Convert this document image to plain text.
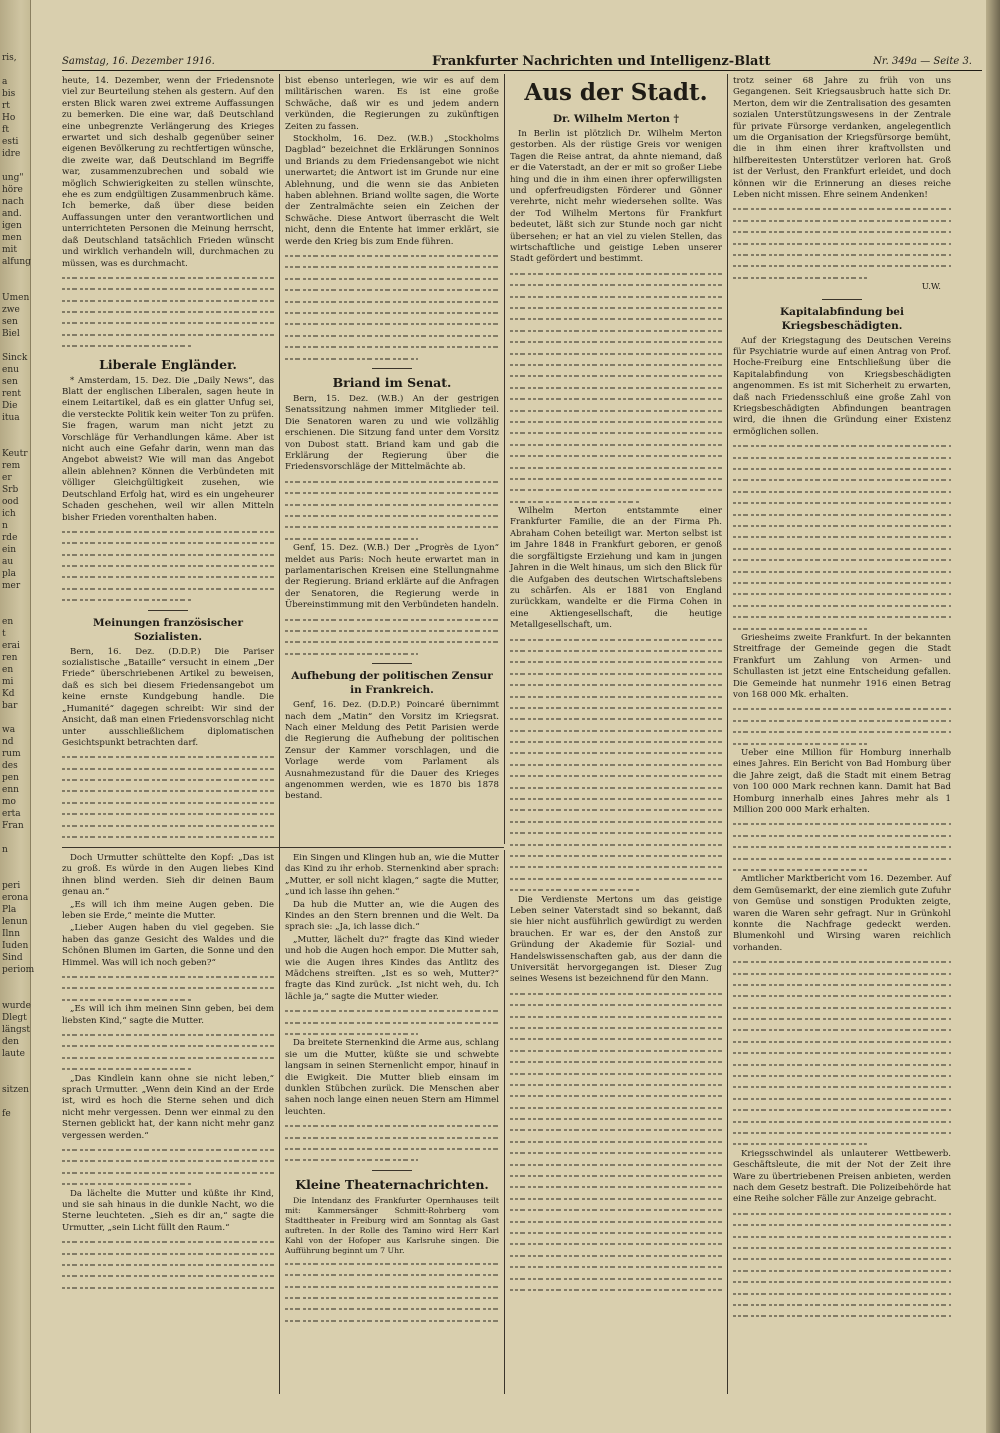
ris,

a
bis
rt
Ho
ft
esti
idre

ung"
höre
nach
and.
igen
men
mit
alfung

Umen
zwe
sen
Biel

Sinck
enu
sen
rent
Die
itua

Keutr
rem
er
Srb
ood
ich
n
rde
ein
au
pla
mer

en
t
erai
ren
en
mi
Kd
bar

wa
nd
rum
des
pen
enn
mo
erta
Fran

n

peri
erona
Pla
lenun
Ilnn
Iuden
Sind
periom

wurde
Dlegt
längst
den
laute

sitzen

fe
Samstag, 16. Dezember 1916.	Frankfurter Nachrichten und Intelligenz-Blatt	Nr. 349a — Seite 3.

heute, 14. Dezember, wenn der Friedensnote viel zur Beurteilung stehen als gestern. Auf den ersten Blick waren zwei extreme Auffassungen zu bemerken. Die eine war, daß Deutschland eine unbegrenzte Verlängerung des Krieges erwartet und sich deshalb gegenüber seiner eigenen Bevölkerung zu rechtfertigen wünsche, die zweite war, daß Deutschland im Begriffe war, zusammenzubrechen und sobald wie möglich Schwierigkeiten zu stellen wünschte, ehe es zum endgültigen Zusammenbruch käme. Ich bemerke, daß über diese beiden Auffassungen unter den verantwortlichen und unterrichteten Personen die Meinung herrscht, daß Deutschland tatsächlich Frieden wünscht und wirklich verhandeln will, durchmachen zu müssen, was es durchmacht.

Liberale Engländer.

* Amsterdam, 15. Dez. Die „Daily News“, das Blatt der englischen Liberalen, sagen heute in einem Leitartikel, daß es ein glatter Unfug sei, die versteckte Politik kein weiter Ton zu prüfen. Sie fragen, warum man nicht jetzt zu Vorschläge für Verhandlungen käme. Aber ist nicht auch eine Gefahr darin, wenn man das Angebot abweist? Wie will man das Angebot allein ablehnen? Können die Verbündeten mit völliger Gleichgültigkeit zusehen, wie Deutschland Erfolg hat, wird es ein ungeheurer Schaden geschehen, weil wir allen Mitteln bisher Frieden vorenthalten haben.

Meinungen französischer Sozialisten.

Bern, 16. Dez. (D.D.P.) Die Pariser sozialistische „Bataille“ versucht in einem „Der Friede“ überschriebenen Artikel zu beweisen, daß es sich bei diesem Friedensangebot um keine ernste Kundgebung handle. Die „Humanité“ dagegen schreibt: Wir sind der Ansicht, daß man einen Friedensvorschlag nicht unter ausschließlichem diplomatischen Gesichtspunkt betrachten darf.

bist ebenso unterlegen, wie wir es auf dem militärischen waren. Es ist eine große Schwäche, daß wir es und jedem andern verkünden, die Regierungen zu zukünftigen Zeiten zu fassen.

Stockholm, 16. Dez. (W.B.) „Stockholms Dagblad“ bezeichnet die Erklärungen Sonninos und Briands zu dem Friedensangebot wie nicht unerwartet; die Antwort ist im Grunde nur eine Ablehnung, und die wenn sie das Anbieten haben ablehnen. Briand wollte sagen, die Worte der Zentralmächte seien ein Zeichen der Schwäche. Diese Antwort überrascht die Welt nicht, denn die Entente hat immer erklärt, sie werde den Krieg bis zum Ende führen.

Briand im Senat.

Bern, 15. Dez. (W.B.) An der gestrigen Senatssitzung nahmen immer Mitglieder teil. Die Senatoren waren zu und wie vollzählig erschienen. Die Sitzung fand unter dem Vorsitz von Dubost statt. Briand kam und gab die Erklärung der Regierung über die Friedensvorschläge der Mittelmächte ab.

Genf, 15. Dez. (W.B.) Der „Progrès de Lyon“ meldet aus Paris: Noch heute erwartet man in parlamentarischen Kreisen eine Stellungnahme der Regierung. Briand erklärte auf die Anfragen der Senatoren, die Regierung werde in Übereinstimmung mit den Verbündeten handeln.

Aufhebung der politischen Zensur in Frankreich.

Genf, 16. Dez. (D.D.P.) Poincaré übernimmt nach dem „Matin“ den Vorsitz im Kriegsrat. Nach einer Meldung des Petit Parisien werde die Regierung die Aufhebung der politischen Zensur der Kammer vorschlagen, und die Vorlage werde vom Parlament als Ausnahmezustand für die Dauer des Krieges angenommen werden, wie es 1870 bis 1878 bestand.

Aus der Stadt.
Dr. Wilhelm Merton †

In Berlin ist plötzlich Dr. Wilhelm Merton gestorben. Als der rüstige Greis vor wenigen Tagen die Reise antrat, da ahnte niemand, daß er die Vaterstadt, an der er mit so großer Liebe hing und die in ihm einen ihrer opferwilligsten und opferfreudigsten Förderer und Gönner verehrte, nicht mehr wiedersehen sollte. Was der Tod Wilhelm Mertons für Frankfurt bedeutet, läßt sich zur Stunde noch gar nicht übersehen; er hat an viel zu vielen Stellen, das wirtschaftliche und geistige Leben unserer Stadt gefördert und bestimmt.

Wilhelm Merton entstammte einer Frankfurter Familie, die an der Firma Ph. Abraham Cohen beteiligt war. Merton selbst ist im Jahre 1848 in Frankfurt geboren, er genoß die sorgfältigste Erziehung und kam in jungen Jahren in die Welt hinaus, um sich den Blick für die Aufgaben des deutschen Wirtschaftslebens zu schärfen. Als er 1881 von England zurückkam, wandelte er die Firma Cohen in eine Aktiengesellschaft, die heutige Metallgesellschaft, um.

Die Verdienste Mertons um das geistige Leben seiner Vaterstadt sind so bekannt, daß sie hier nicht ausführlich gewürdigt zu werden brauchen. Er war es, der den Anstoß zur Gründung der Akademie für Sozial- und Handelswissenschaften gab, aus der dann die Universität hervorgegangen ist. Dieser Zug seines Wesens ist bezeichnend für den Mann.

trotz seiner 68 Jahre zu früh von uns Gegangenen. Seit Kriegsausbruch hatte sich Dr. Merton, dem wir die Zentralisation des gesamten sozialen Unterstützungswesens in der Zentrale für private Fürsorge verdanken, angelegentlich um die Organisation der Kriegsfürsorge bemüht, die in ihm einen ihrer kraftvollsten und hilfbereitesten Unterstützer verloren hat. Groß ist der Verlust, den Frankfurt erleidet, und doch können wir die Erinnerung an dieses reiche Leben nicht missen. Ehre seinem Andenken!

U.W.
Kapitalabfindung bei Kriegsbeschädigten.

Auf der Kriegstagung des Deutschen Vereins für Psychiatrie wurde auf einen Antrag von Prof. Hoche-Freiburg eine Entschließung über die Kapitalabfindung von Kriegsbeschädigten angenommen. Es ist mit Sicherheit zu erwarten, daß nach Friedensschluß eine große Zahl von Kriegsbeschädigten Abfindungen beantragen wird, die ihnen die Gründung einer Existenz ermöglichen sollen.

Griesheims zweite Frankfurt. In der bekannten Streitfrage der Gemeinde gegen die Stadt Frankfurt um Zahlung von Armen- und Schullasten ist jetzt eine Entscheidung gefallen. Die Gemeinde hat nunmehr 1916 einen Betrag von 168 000 Mk. erhalten.

Ueber eine Million für Homburg innerhalb eines Jahres. Ein Bericht von Bad Homburg über die Jahre zeigt, daß die Stadt mit einem Betrag von 100 000 Mark rechnen kann. Damit hat Bad Homburg innerhalb eines Jahres mehr als 1 Million 200 000 Mark erhalten.

Amtlicher Marktbericht vom 16. Dezember. Auf dem Gemüsemarkt, der eine ziemlich gute Zufuhr von Gemüse und sonstigen Produkten zeigte, waren die Waren sehr gefragt. Nur in Grünkohl konnte die Nachfrage gedeckt werden. Blumenkohl und Wirsing waren reichlich vorhanden.

Kriegsschwindel als unlauterer Wettbewerb. Geschäftsleute, die mit der Not der Zeit ihre Ware zu übertriebenen Preisen anbieten, werden nach dem Gesetz bestraft. Die Polizeibehörde hat eine Reihe solcher Fälle zur Anzeige gebracht.

Doch Urmutter schüttelte den Kopf: „Das ist zu groß. Es würde in den Augen liebes Kind ihnen blind werden. Sieh dir deinen Baum genau an.“

„Es will ich ihm meine Augen geben. Die leben sie Erde,“ meinte die Mutter.

„Lieber Augen haben du viel gegeben. Sie haben das ganze Gesicht des Waldes und die Schönen Blumen im Garten, die Sonne und den Himmel. Was will ich noch geben?“

„Es will ich ihm meinen Sinn geben, bei dem liebsten Kind,“ sagte die Mutter.

„Das Kindlein kann ohne sie nicht leben,“ sprach Urmutter. „Wenn dein Kind an der Erde ist, wird es hoch die Sterne sehen und dich nicht mehr vergessen. Denn wer einmal zu den Sternen geblickt hat, der kann nicht mehr ganz vergessen werden.“

Da lächelte die Mutter und küßte ihr Kind, und sie sah hinaus in die dunkle Nacht, wo die Sterne leuchteten. „Sieh es dir an,“ sagte die Urmutter, „sein Licht füllt den Raum.“

Ein Singen und Klingen hub an, wie die Mutter das Kind zu ihr erhob. Sternenkind aber sprach: „Mutter, er soll nicht klagen,“ sagte die Mutter, „und ich lasse ihn gehen.“

Da hub die Mutter an, wie die Augen des Kindes an den Stern brennen und die Welt. Da sprach sie: „Ja, ich lasse dich.“

„Mutter, lächelt du?“ fragte das Kind wieder und hob die Augen hoch empor. Die Mutter sah, wie die Augen ihres Kindes das Antlitz des Mädchens streiften. „Ist es so weh, Mutter?“ fragte das Kind zurück. „Ist nicht weh, du. Ich lächle ja,“ sagte die Mutter wieder.

Da breitete Sternenkind die Arme aus, schlang sie um die Mutter, küßte sie und schwebte langsam in seinen Sternenlicht empor, hinauf in die Ewigkeit. Die Mutter blieb einsam im dunklen Stübchen zurück. Die Menschen aber sahen noch lange einen neuen Stern am Himmel leuchten.

Kleine Theaternachrichten.

Die Intendanz des Frankfurter Opernhauses teilt mit: Kammersänger Schmitt-Rohrberg vom Stadttheater in Freiburg wird am Sonntag als Gast auftreten. In der Rolle des Tamino wird Herr Karl Kahl von der Hofoper aus Karlsruhe singen. Die Aufführung beginnt um 7 Uhr.
